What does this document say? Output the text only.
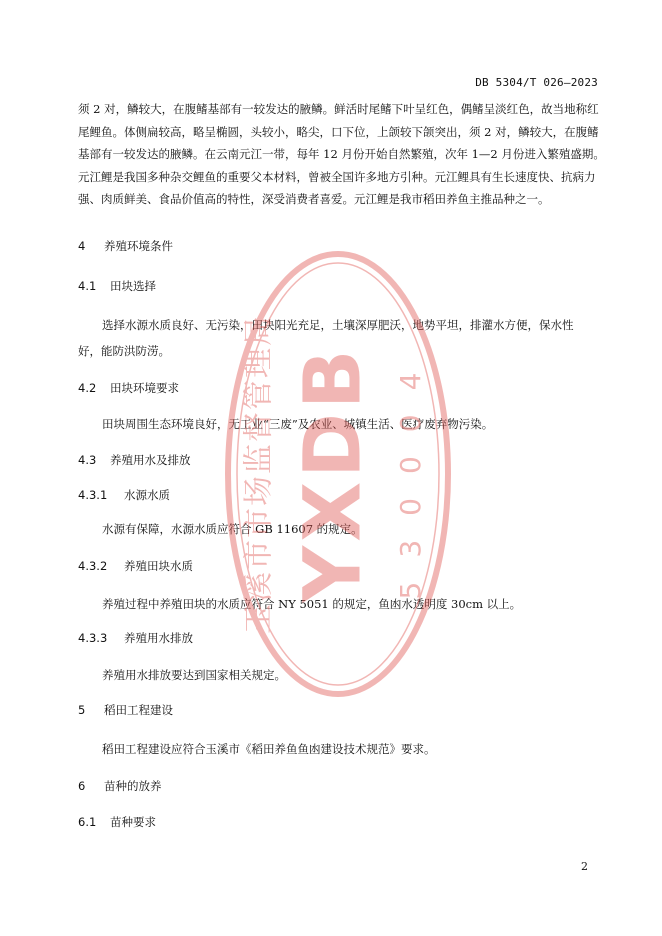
DB 5304/T 026—2023
须 2 对，鳞较大，在腹鳍基部有一较发达的腋鳞。鲜活时尾鳍下叶呈红色，偶鳍呈淡红色，故当地称红
尾鲤鱼。体侧扁较高，略呈椭圆，头较小，略尖，口下位，上颌较下颌突出，须 2 对，鳞较大，在腹鳍
基部有一较发达的腋鳞。在云南元江一带，每年 12 月份开始自然繁殖，次年 1—2 月份进入繁殖盛期。
元江鲤是我国多种杂交鲤鱼的重要父本材料，曾被全国许多地方引种。元江鲤具有生长速度快、抗病力
强、肉质鲜美、食品价值高的特性，深受消费者喜爱。元江鲤是我市稻田养鱼主推品种之一。
4 养殖环境条件
4.1 田块选择
选择水源水质良好、无污染，田块阳光充足，土壤深厚肥沃，地势平坦，排灌水方便，保水性好，能防洪防涝。
4.2 田块环境要求
田块周围生态环境良好，无工业“三废”及农业、城镇生活、医疗废弃物污染。
4.3 养殖用水及排放
4.3.1 水源水质
水源有保障，水源水质应符合 GB 11607 的规定。
4.3.2 养殖田块水质
养殖过程中养殖田块的水质应符合 NY 5051 的规定，鱼凼水透明度 30cm 以上。
4.3.3 养殖用水排放
养殖用水排放要达到国家相关规定。
5 稻田工程建设
稻田工程建设应符合玉溪市《稻田养鱼鱼凼建设技术规范》要求。
6 苗种的放养
6.1 苗种要求
2
YXDB
玉溪市市场监督管理局	530004
